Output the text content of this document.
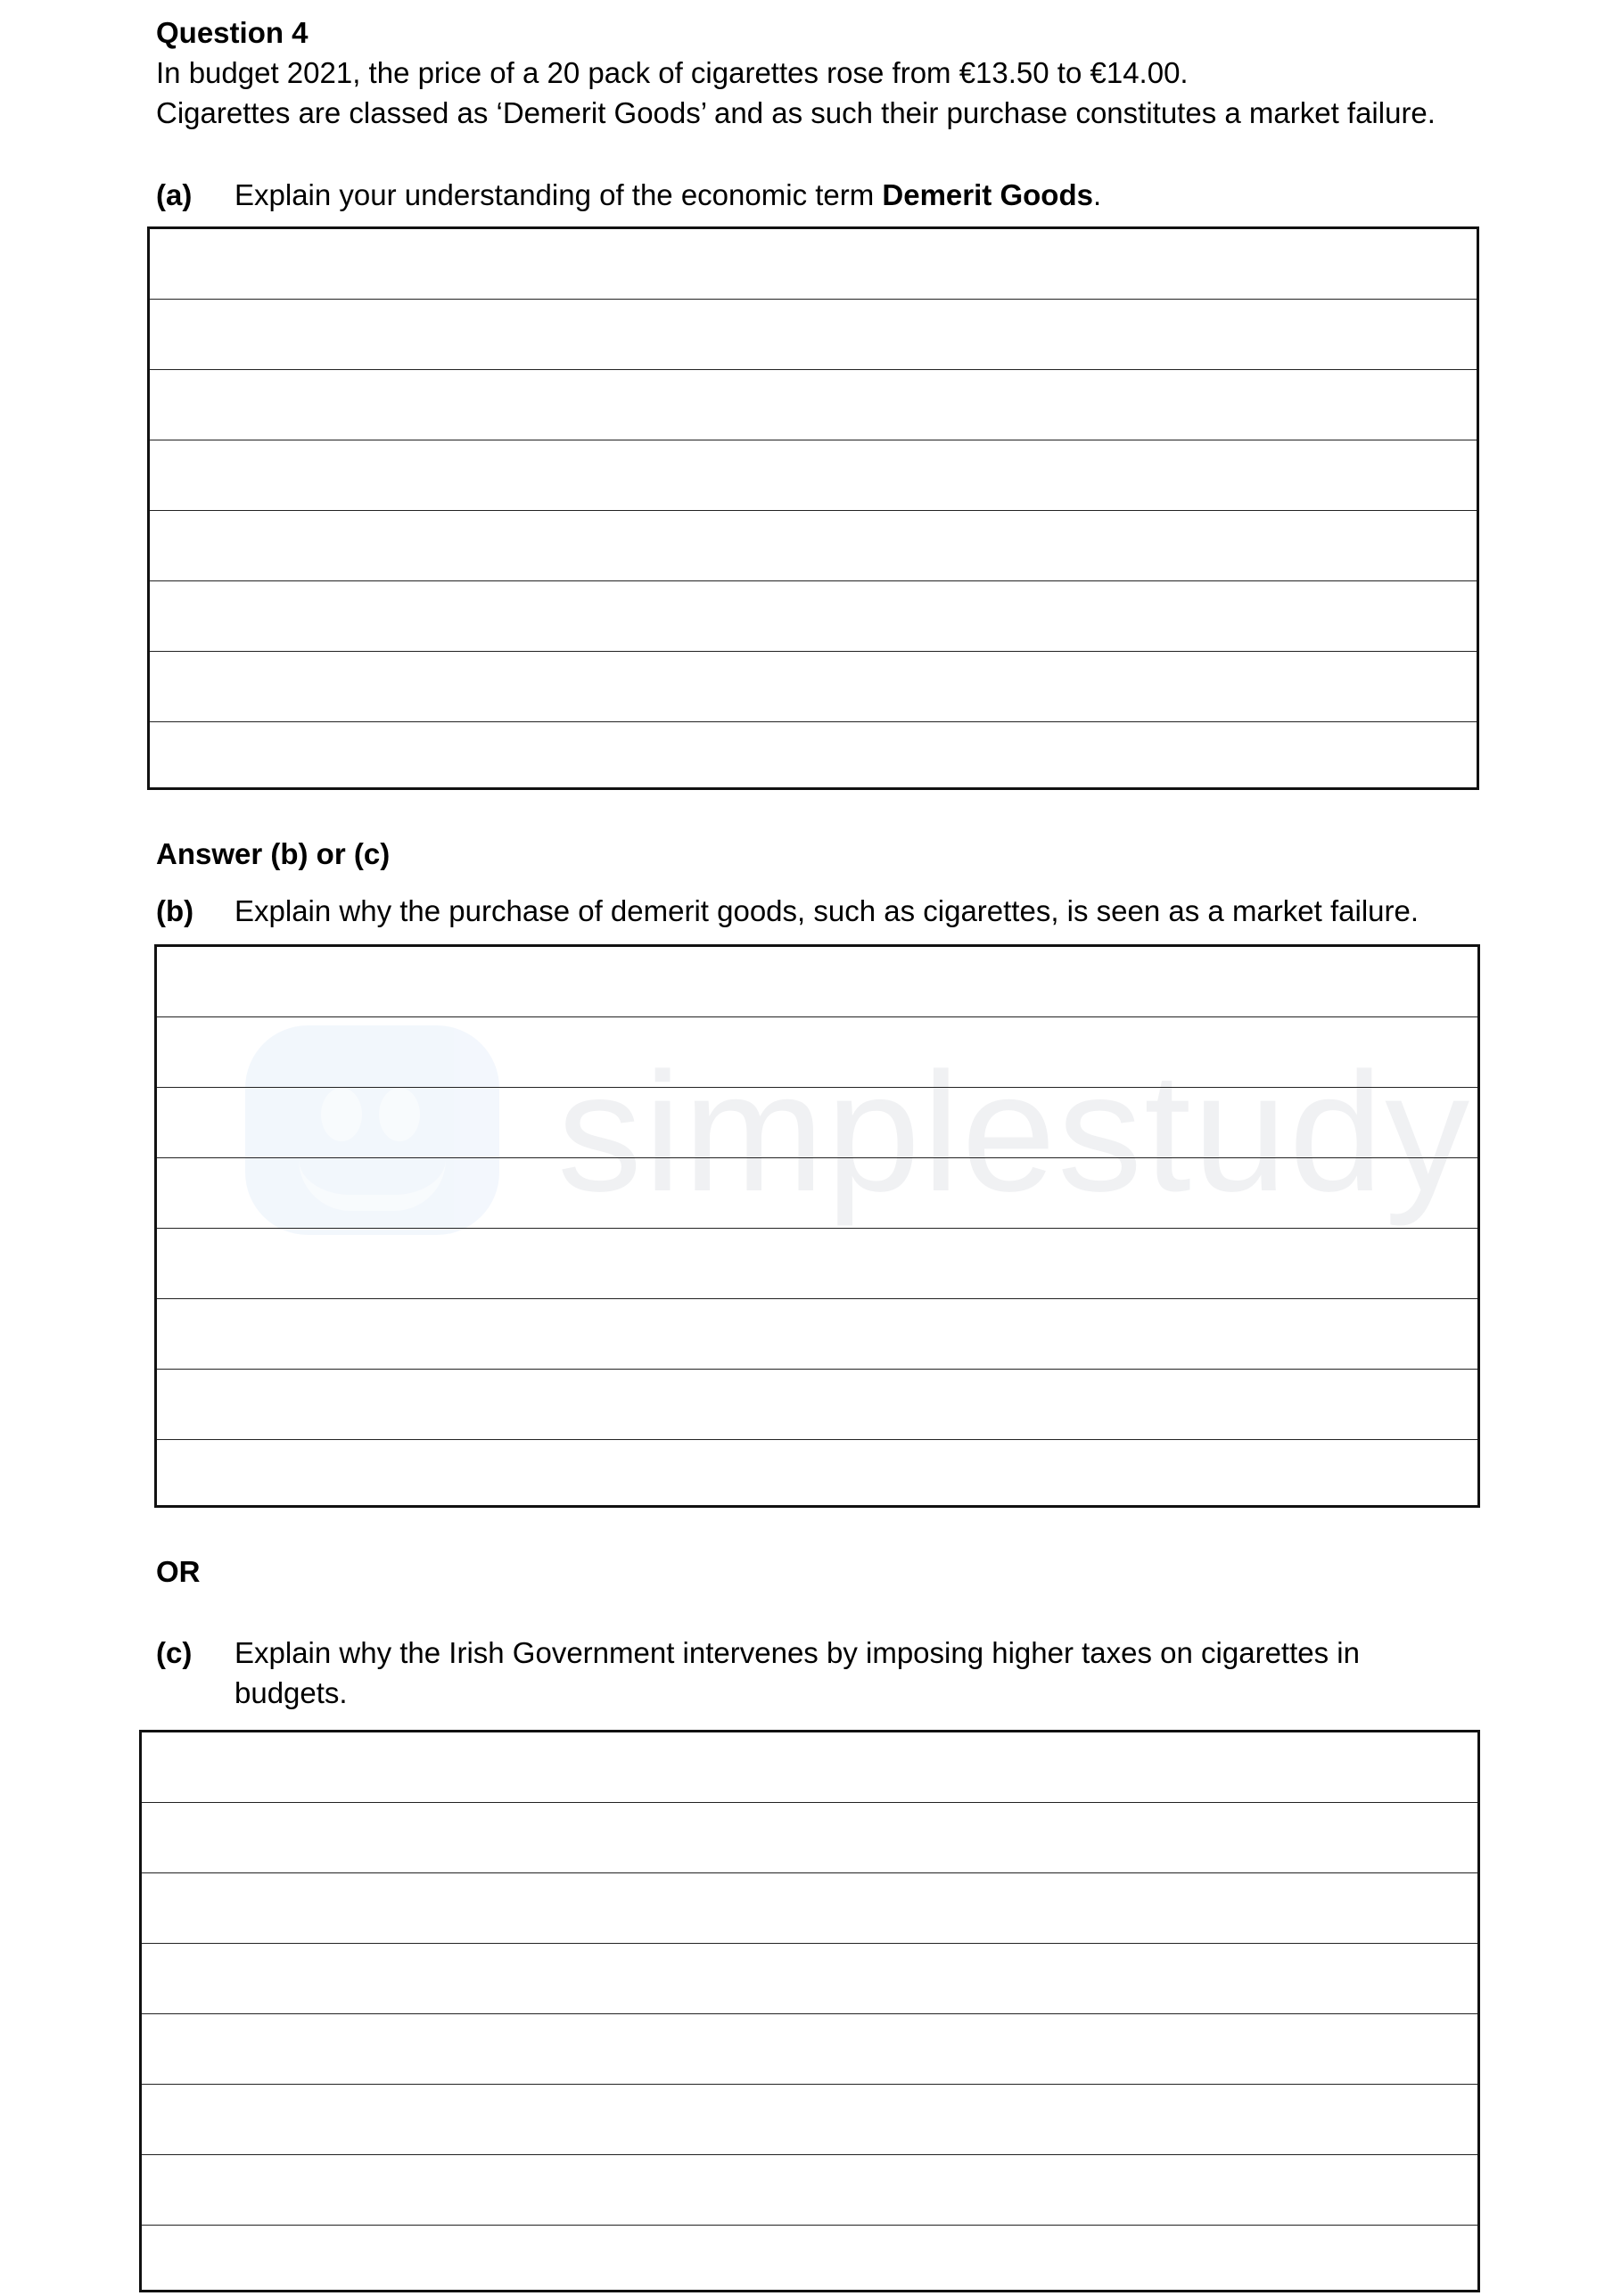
simplestudy
Question 4
In budget 2021, the price of a 20 pack of cigarettes rose from €13.50 to €14.00.
Cigarettes are classed as ‘Demerit Goods’ and as such their purchase constitutes a market failure.
(a) Explain your understanding of the economic term Demerit Goods.
Answer (b) or (c)
(b) Explain why the purchase of demerit goods, such as cigarettes, is seen as a market failure.
OR
(c) Explain why the Irish Government intervenes by imposing higher taxes on cigarettes in
budgets.
